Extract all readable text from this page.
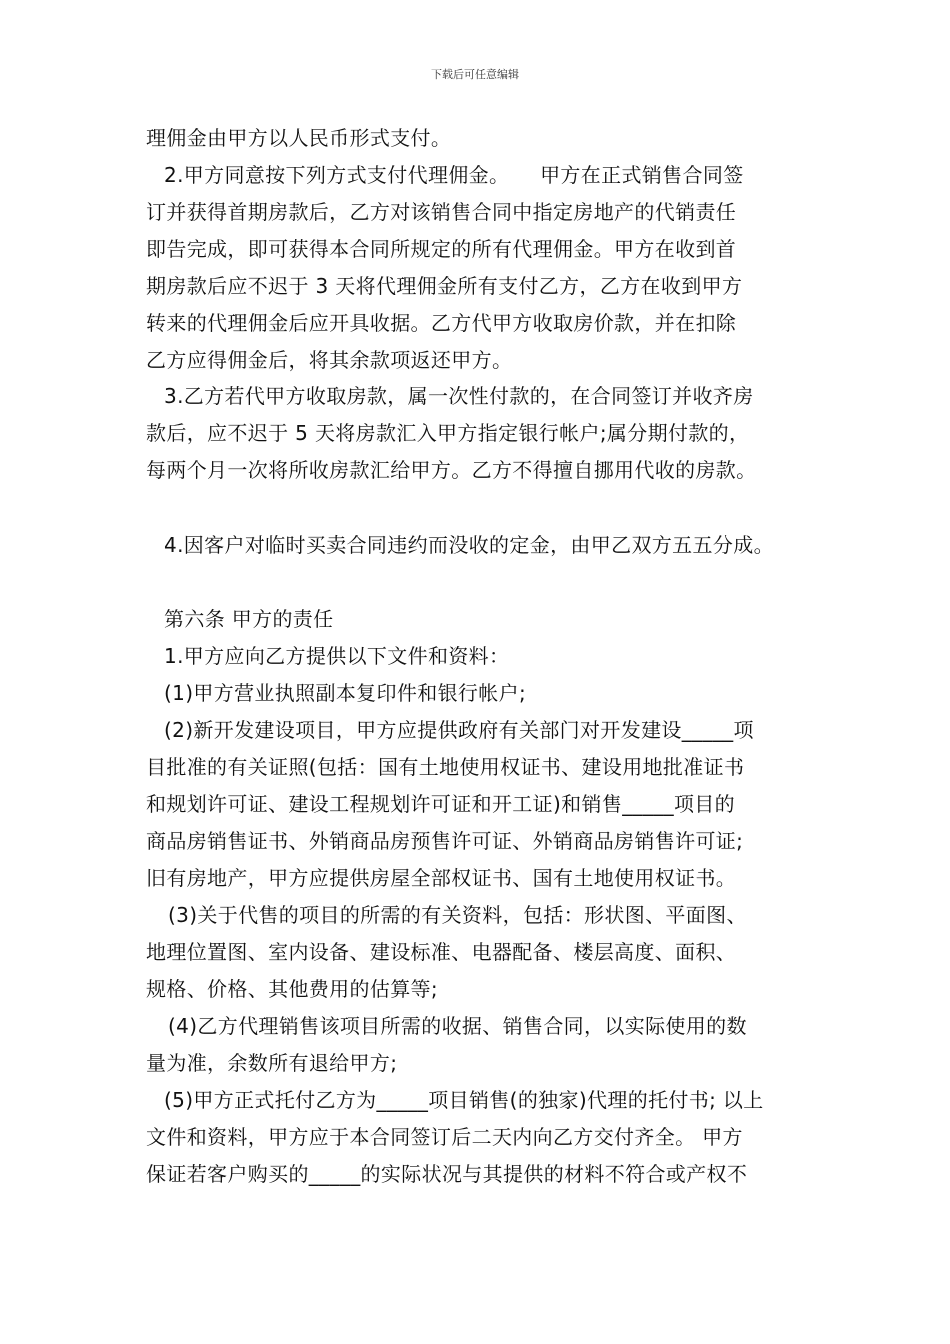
下载后可任意编辑
理佣金由甲方以人民币形式支付。
2.甲方同意按下列方式支付代理佣金。　　甲方在正式销售合同签
订并获得首期房款后，乙方对该销售合同中指定房地产的代销责任
即告完成，即可获得本合同所规定的所有代理佣金。甲方在收到首
期房款后应不迟于 3 天将代理佣金所有支付乙方，乙方在收到甲方
转来的代理佣金后应开具收据。乙方代甲方收取房价款，并在扣除
乙方应得佣金后，将其余款项返还甲方。
3.乙方若代甲方收取房款，属一次性付款的，在合同签订并收齐房
款后，应不迟于 5 天将房款汇入甲方指定银行帐户;属分期付款的，
每两个月一次将所收房款汇给甲方。乙方不得擅自挪用代收的房款。
4.因客户对临时买卖合同违约而没收的定金，由甲乙双方五五分成。
第六条 甲方的责任
1.甲方应向乙方提供以下文件和资料：
(1)甲方营业执照副本复印件和银行帐户;
(2)新开发建设项目，甲方应提供政府有关部门对开发建设_____项
目批准的有关证照(包括：国有土地使用权证书、建设用地批准证书
和规划许可证、建设工程规划许可证和开工证)和销售_____项目的
商品房销售证书、外销商品房预售许可证、外销商品房销售许可证;
旧有房地产，甲方应提供房屋全部权证书、国有土地使用权证书。
(3)关于代售的项目的所需的有关资料，包括：形状图、平面图、
地理位置图、室内设备、建设标准、电器配备、楼层高度、面积、
规格、价格、其他费用的估算等;
(4)乙方代理销售该项目所需的收据、销售合同，以实际使用的数
量为准，余数所有退给甲方;
(5)甲方正式托付乙方为_____项目销售(的独家)代理的托付书; 以上
文件和资料，甲方应于本合同签订后二天内向乙方交付齐全。 甲方
保证若客户购买的_____的实际状况与其提供的材料不符合或产权不
